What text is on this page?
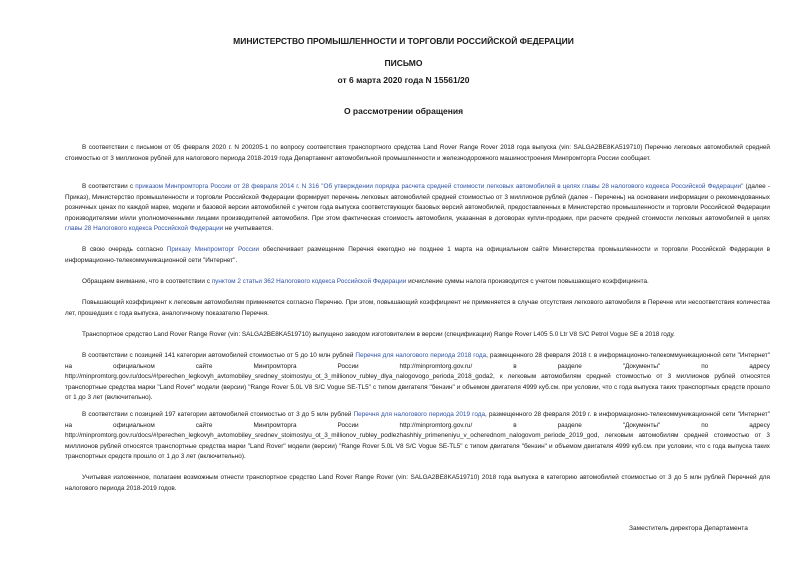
МИНИСТЕРСТВО ПРОМЫШЛЕННОСТИ И ТОРГОВЛИ РОССИЙСКОЙ ФЕДЕРАЦИИ
ПИСЬМО
от 6 марта 2020 года N 15561/20
О рассмотрении обращения

В соответствии с письмом от 05 февраля 2020 г. N 200205-1 по вопросу соответствия транспортного средства Land Rover Range Rover 2018 года выпуска (vin: SALGA2BE8KA519710) Перечню легковых автомобилей средней стоимостью от 3 миллионов рублей для налогового периода 2018-2019 года Департамент автомобильной промышленности и железнодорожного машиностроения Минпромторга России сообщает.

В соответствии с приказом Минпромторга России от 28 февраля 2014 г. N 316 "Об утверждении порядка расчета средней стоимости легковых автомобилей в целях главы 28 налогового кодекса Российской Федерации" (далее - Приказ), Министерство промышленности и торговли Российской Федерации формирует перечень легковых автомобилей средней стоимостью от 3 миллионов рублей (далее - Перечень) на основании информации о рекомендованных розничных ценах по каждой марке, модели и базовой версии автомобилей с учетом года выпуска соответствующих базовых версий автомобилей, предоставленных в Министерство промышленности и торговли Российской Федерации производителями и/или уполномоченными лицами производителей автомобиля. При этом фактическая стоимость автомобиля, указанная в договорах купли-продажи, при расчете средней стоимости легковых автомобилей в целях главы 28 Налогового кодекса Российской Федерации не учитывается.

В свою очередь согласно Приказу Минпромторг России обеспечивает размещение Перечня ежегодно не позднее 1 марта на официальном сайте Министерства промышленности и торговли Российской Федерации в информационно-телекоммуникационной сети "Интернет".

Обращаем внимание, что в соответствии с пунктом 2 статьи 362 Налогового кодекса Российской Федерации исчисление суммы налога производится с учетом повышающего коэффициента.

Повышающий коэффициент к легковым автомобилям применяется согласно Перечню. При этом, повышающий коэффициент не применяется в случае отсутствия легкового автомобиля в Перечне или несоответствия количества лет, прошедших с года выпуска, аналогичному показателю Перечня.

Транспортное средство Land Rover Range Rover (vin: SALGA2BE8KA519710) выпущено заводом изготовителем в версии (спецификации) Range Rover L405 5.0 Ltr V8 S/C Petrol Vogue SE в 2018 году.

В соответствии с позицией 141 категории автомобилей стоимостью от 5 до 10 млн рублей Перечня для налогового периода 2018 года, размещенного 28 февраля 2018 г. в информационно-телекоммуникационной сети "Интернет" на официальном сайте Минпромторга России http://minpromtorg.gov.ru/ в разделе "Документы" по адресу http://minpromtorg.gov.ru/docs/#!perechen_legkovyh_avtomobiley_sredney_stoimostyu_ot_3_millionov_rubley_dlya_nalogovogo_perioda_2018_goda2, к легковым автомобилям средней стоимостью от 3 миллионов рублей относятся транспортные средства марки "Land Rover" модели (версии) "Range Rover 5.0L V8 S/C Vogue SE-TL5" с типом двигателя "бензин" и объемом двигателя 4999 куб.см. при условии, что с года выпуска таких транспортных средств прошло от 1 до 3 лет (включительно).

В соответствии с позицией 197 категории автомобилей стоимостью от 3 до 5 млн рублей Перечня для налогового периода 2019 года, размещенного 28 февраля 2019 г. в информационно-телекоммуникационной сети "Интернет" на официальном сайте Минпромторга России http://minpromtorg.gov.ru/ в разделе "Документы" по адресу http://minpromtorg.gov.ru/docs/#!perechen_legkovyh_avtomobiley_srednev_stoimostyu_ot_3_millionov_rubley_podlezhashhiy_primeneniyu_v_ocherednom_nalogovom_periode_2019_god, легковым автомобилям средней стоимостью от 3 миллионов рублей относятся транспортные средства марки "Land Rover" модели (версии) "Range Rover 5.0L V8 S/C Vogue SE-TL5" с типом двигателя "бензин" и объемом двигателя 4999 куб.см. при условии, что с года выпуска таких транспортных средств прошло от 1 до 3 лет (включительно).

Учитывая изложенное, полагаем возможным отнести транспортное средство Land Rover Range Rover (vin: SALGA2BE8KA519710) 2018 года выпуска в категорию автомобилей стоимостью от 3 до 5 млн рублей Перечней для налогового периода 2018-2019 годов.

Заместитель директора Департамента
